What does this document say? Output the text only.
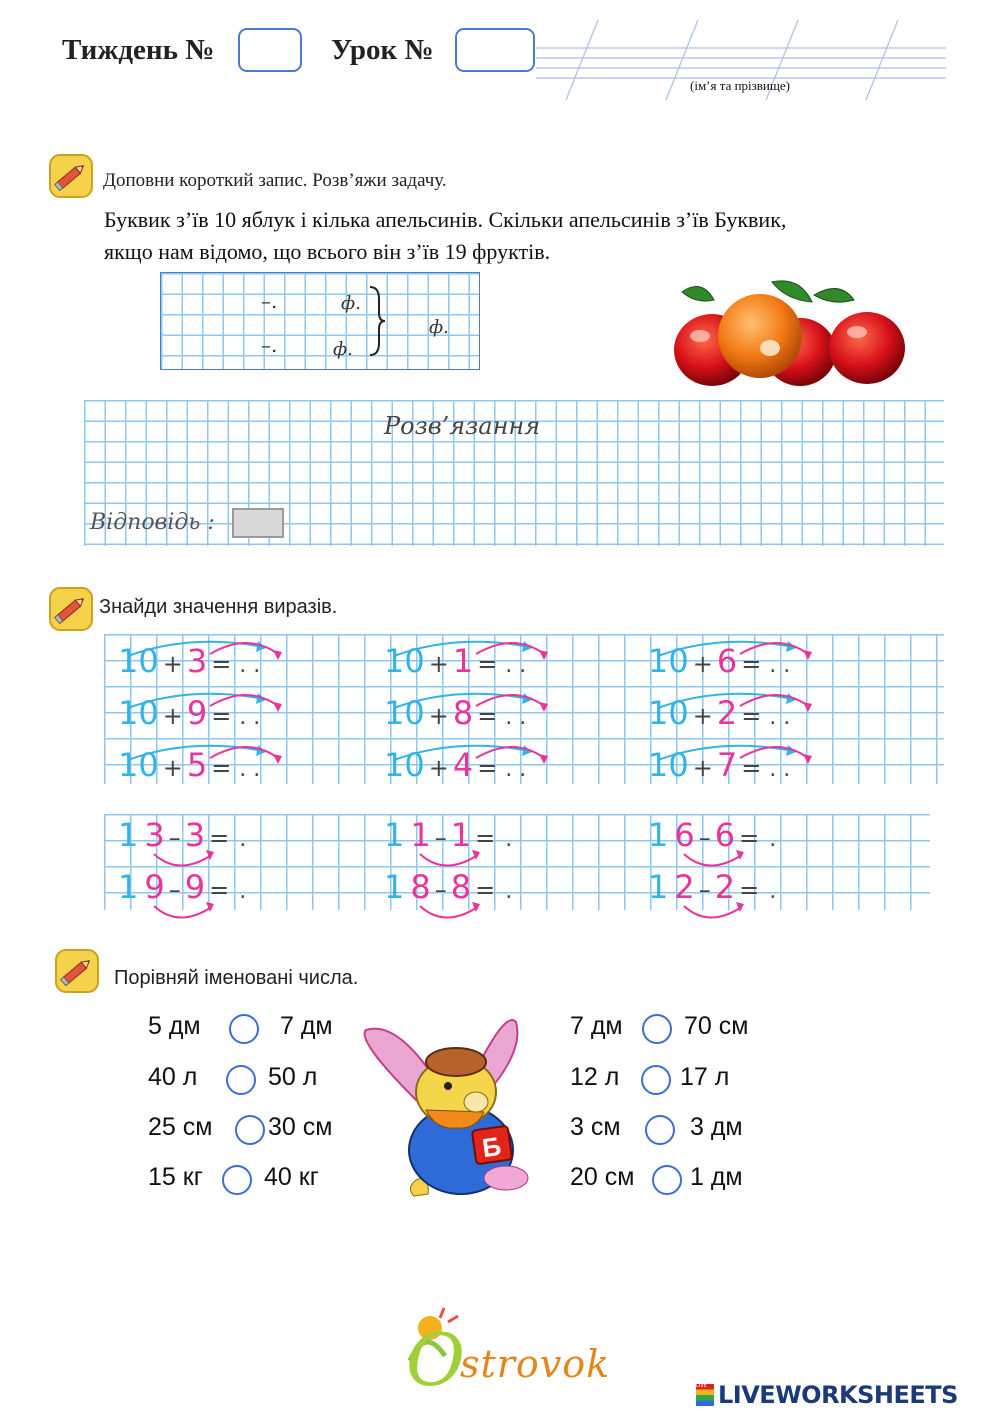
Тиждень №	Урок №
(ім’я та прізвище)
Доповни короткий запис. Розв’яжи задачу.
Буквик з’їв 10 яблук і кілька апельсинів. Скільки апельсинів з’їв Буквик,
якщо нам відомо, що всього він з’їв 19 фруктів.
–.	ф.
–.	ф.
ф.
Розв’язання
Відповідь :
Знайди значення виразів.
10 + 3 = . .	10 + 1 = . .	10 + 6 = . .
10 + 9 = . .	10 + 8 = . .	10 + 2 = . .
10 + 5 = . .	10 + 4 = . .	10 + 7 = . .
1 3 – 3 = .	1 1 – 1 = .	1 6 – 6 = .
1 9 – 9 = .	1 8 – 8 = .	1 2 – 2 = .
Порівняй іменовані числа.
5 дм	7 дм
40 л	50 л
25 см 30 см
15 кг 40 кг
7 дм 70 см
12 л 17 л
3 см	3 дм
20 см 1 дм
Б
O
strovok	LIVE LIVEWORKSHEETS
